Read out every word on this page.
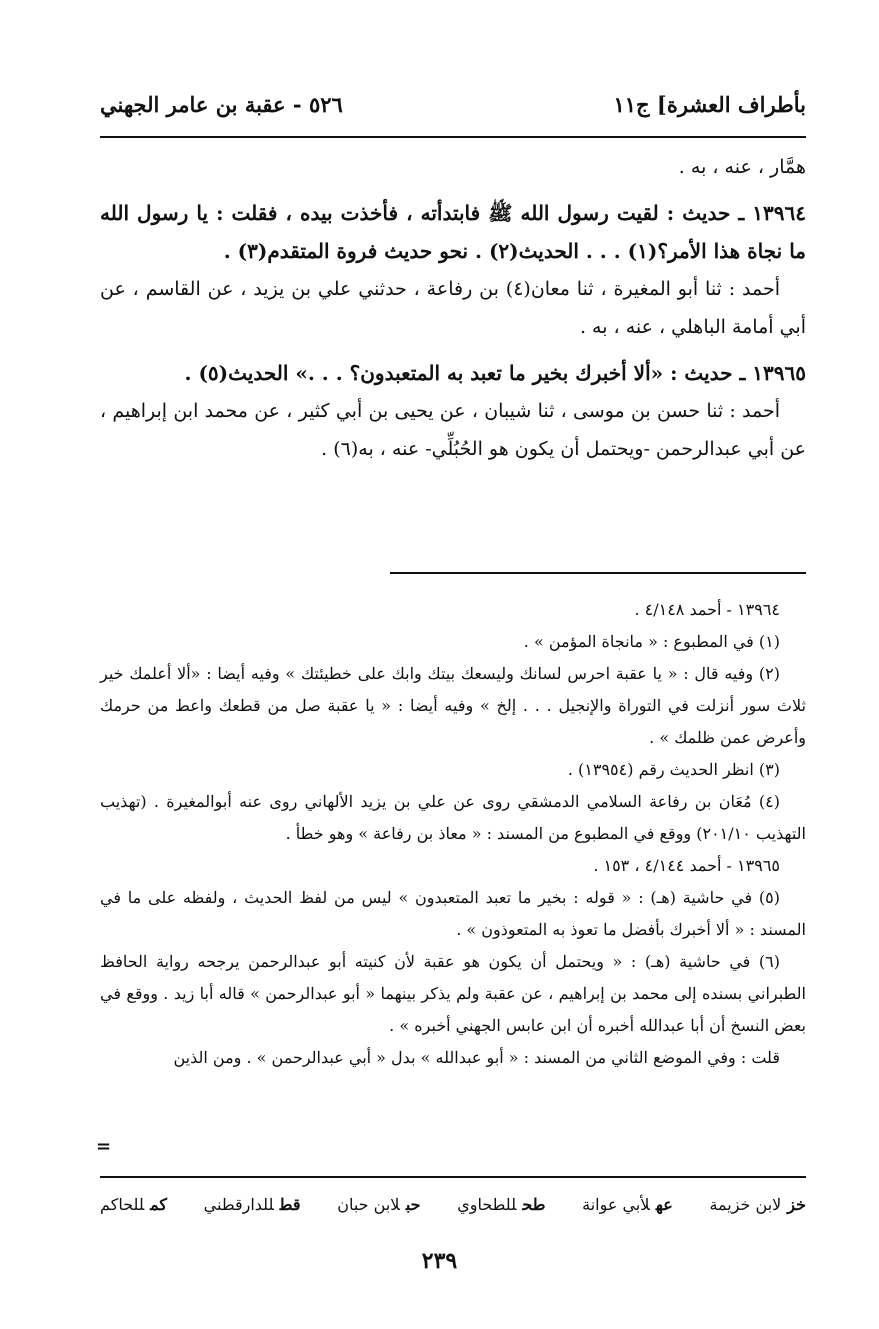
بأطراف العشرة] ج١١
٥٢٦ - عقبة بن عامر الجهني

همَّار ، عنه ، به .

١٣٩٦٤ ـ حديث : لقيت رسول الله ﷺ فابتدأته ، فأخذت بيده ، فقلت : يا رسول الله ما نجاة هذا الأمر؟(١) . . . الحديث(٢) . نحو حديث فروة المتقدم(٣) .

أحمد : ثنا أبو المغيرة ، ثنا معان(٤) بن رفاعة ، حدثني علي بن يزيد ، عن القاسم ، عن أبي أمامة الباهلي ، عنه ، به .

١٣٩٦٥ ـ حديث : «ألا أخبرك بخير ما تعبد به المتعبدون؟ . . .» الحديث(٥) .

أحمد : ثنا حسن بن موسى ، ثنا شيبان ، عن يحيى بن أبي كثير ، عن محمد ابن إبراهيم ، عن أبي عبدالرحمن -ويحتمل أن يكون هو الحُبُلِّي- عنه ، به(٦) .

١٣٩٦٤ - أحمد ٤/١٤٨ .

(١) في المطبوع : « مانجاة المؤمن » .

(٢) وفيه قال : « يا عقبة احرس لسانك وليسعك بيتك وابك على خطيئتك » وفيه أيضا : «ألا أعلمك خير ثلاث سور أنزلت في التوراة والإنجيل . . . إلخ » وفيه أيضا : « يا عقبة صل من قطعك واعط من حرمك وأعرض عمن ظلمك » .

(٣) انظر الحديث رقم (١٣٩٥٤) .

(٤) مُعَان بن رفاعة السلامي الدمشقي روى عن علي بن يزيد الألهاني روى عنه أبوالمغيرة . (تهذيب التهذيب ٢٠١/١٠) ووقع في المطبوع من المسند : « معاذ بن رفاعة » وهو خطأ .

١٣٩٦٥ - أحمد ٤/١٤٤ ، ١٥٣ .

(٥) في حاشية (هـ) : « قوله : بخير ما تعبد المتعبدون » ليس من لفظ الحديث ، ولفظه على ما في المسند : « ألا أخبرك بأفضل ما تعوذ به المتعوذون » .

(٦) في حاشية (هـ) : « ويحتمل أن يكون هو عقبة لأن كنيته أبو عبدالرحمن يرجحه رواية الحافظ الطبراني بسنده إلى محمد بن إبراهيم ، عن عقبة ولم يذكر بينهما « أبو عبدالرحمن » قاله أبا زيد . ووقع في بعض النسخ أن أبا عبدالله أخبره أن ابن عابس الجهني أخبره » .

قلت : وفي الموضع الثاني من المسند : « أبو عبدالله » بدل « أبي عبدالرحمن » . ومن الذين

=
خزلابن خزيمة
عهلأبي عوانة
طحللطحاوي
حبلابن حبان
قطللدارقطني
كمللحاكم
٢٣٩
